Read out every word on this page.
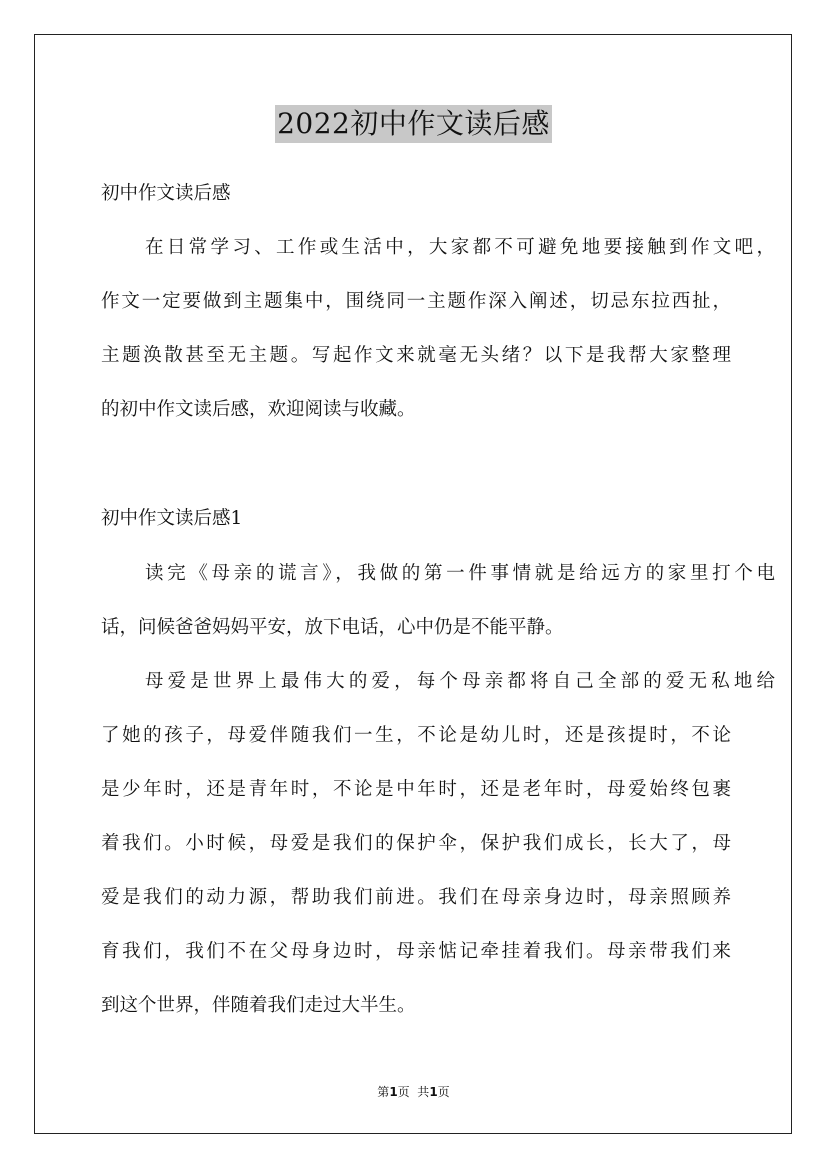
2022初中作文读后感

初中作文读后感

在日常学习、工作或生活中，大家都不可避免地要接触到作文吧，

作文一定要做到主题集中，围绕同一主题作深入阐述，切忌东拉西扯，

主题涣散甚至无主题。写起作文来就毫无头绪？以下是我帮大家整理

的初中作文读后感，欢迎阅读与收藏。

初中作文读后感1

读完《母亲的谎言》，我做的第一件事情就是给远方的家里打个电

话，问候爸爸妈妈平安，放下电话，心中仍是不能平静。

母爱是世界上最伟大的爱，每个母亲都将自己全部的爱无私地给

了她的孩子，母爱伴随我们一生，不论是幼儿时，还是孩提时，不论

是少年时，还是青年时，不论是中年时，还是老年时，母爱始终包裹

着我们。小时候，母爱是我们的保护伞，保护我们成长，长大了，母

爱是我们的动力源，帮助我们前进。我们在母亲身边时，母亲照顾养

育我们，我们不在父母身边时，母亲惦记牵挂着我们。母亲带我们来

到这个世界，伴随着我们走过大半生。

第1页  共1页
